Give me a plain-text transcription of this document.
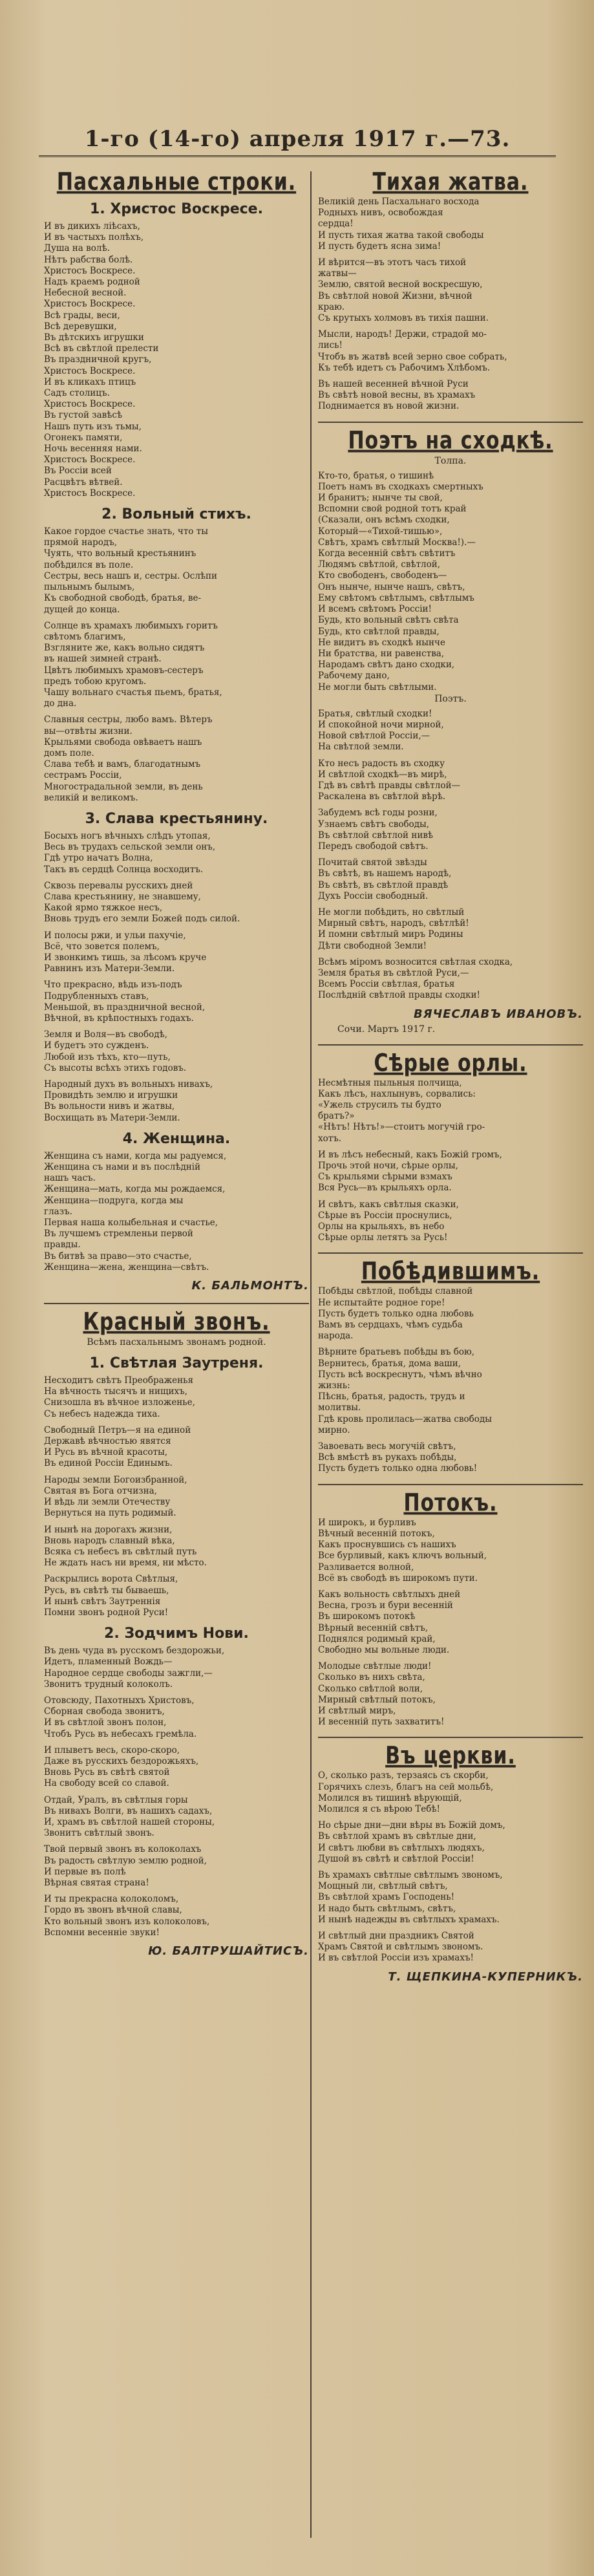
1-го (14-го) апреля 1917 г.—73.
Пасхальные строки.
1. Христос Воскресе.
И въ дикихъ ліѣсахъ,
И въ частыхъ полѣхъ,
Душа на волѣ.
Нѣтъ рабства болѣ.
Христосъ Воскресе.
Надъ краемъ родной
Небесной весной.
Христосъ Воскресе.
Всѣ грады, веси,
Всѣ деревушки,
Въ дѣтскихъ игрушки
Всѣ въ свѣтлой прелести
Въ праздничной кругъ,
Христосъ Воскресе.
И въ кликахъ птицъ
Садъ столицъ.
Христосъ Воскресе.
Въ густой завѣсѣ
Нашъ путь изъ тьмы,
Огонекъ памяти,
Ночь весенняя нами.
Христосъ Воскресе.
Въ Россіи всей
Расцвѣтъ вѣтвей.
Христосъ Воскресе.
2. Вольный стихъ.
Какое гордое счастье знать, что ты
прямой народъ,
Чуять, что вольный крестьянинъ
побѣдился въ поле.
Сестры, весь нашъ и, сестры. Ослѣпи
пыльнымъ былымъ,
Къ свободной свободѣ, братья, ве-
дущей до конца.
Солнце въ храмахъ любимыхъ горитъ
свѣтомъ благимъ,
Взгляните же, какъ вольно сидятъ
въ нашей зимней странѣ.
Цвѣтъ любимыхъ храмовъ-сестеръ
предъ тобою кругомъ.
Чашу вольнаго счастья пьемъ, братья,
до дна.
Славныя сестры, любо вамъ. Вѣтеръ
вы—отвѣты жизни.
Крыльями свобода овѣваетъ нашъ
домъ поле.
Слава тебѣ и вамъ, благодатнымъ
сестрамъ Россіи,
Многострадальной земли, въ день
великій и великомъ.
3. Слава крестьянину.
Босыхъ ногъ вѣчныхъ слѣдъ утопая,
Весь въ трудахъ сельской земли онъ,
Гдѣ утро начатъ Волна,
Такъ въ сердцѣ Солнца восходитъ.
Сквозь перевалы русскихъ дней
Слава крестьянину, не знавшему,
Какой ярмо тяжкое несъ,
Вновь трудъ его земли Божей подъ силой.
И полосы ржи, и ульи пахучіе,
Всё, что зовется полемъ,
И звонкимъ тишь, за лѣсомъ круче
Равнинъ изъ Матери-Земли.
Что прекрасно, вѣдь изъ-подъ
Подрубленныхъ ставъ,
Меньшой, въ праздничной весной,
Вѣчной, въ крѣпостныхъ годахъ.
Земля и Воля—въ свободѣ,
И будетъ это сужденъ.
Любой изъ тѣхъ, кто—путь,
Съ высоты всѣхъ этихъ годовъ.
Народный духъ въ вольныхъ нивахъ,
Провидѣть землю и игрушки
Въ вольности нивъ и жатвы,
Восхищать въ Матери-Земли.
4. Женщина.
Женщина съ нами, когда мы радуемся,
Женщина съ нами и въ послѣдній
нашъ часъ.
Женщина—мать, когда мы рождаемся,
Женщина—подруга, когда мы
глазъ.
Первая наша колыбельная и счастье,
Въ лучшемъ стремленьи первой
правды.
Въ битвѣ за право—это счастье,
Женщина—жена, женщина—свѣтъ.
К. БАЛЬМОНТЪ.
Красный звонъ.
Всѣмъ пасхальнымъ звонамъ родной.
1. Свѣтлая Заутреня.
Несходитъ свѣтъ Преображенья
На вѣчность тысячъ и нищихъ,
Снизошла въ вѣчное изложенье,
Съ небесъ надежда тиха.
Свободный Петръ—я на единой
Державѣ вѣчностью явятся
И Русь въ вѣчной красоты,
Въ единой Россіи Единымъ.
Народы земли Богоизбранной,
Святая въ Бога отчизна,
И вѣдь ли земли Отечеству
Вернуться на путь родимый.
И нынѣ на дорогахъ жизни,
Вновь народъ славный вѣка,
Всяка съ небесъ въ свѣтлый путь
Не ждать насъ ни время, ни мѣсто.
Раскрылись ворота Свѣтлыя,
Русь, въ свѣтѣ ты бываешь,
И нынѣ свѣтъ Заутреннія
Помни звонъ родной Руси!
2. Зодчимъ Нови.
Въ день чуда въ русскомъ бездорожьи,
Идетъ, пламенный Вождь—
Народное сердце свободы зажгли,—
Звонитъ трудный колоколъ.
Отовсюду, Пахотныхъ Христовъ,
Сборная свобода звонитъ,
И въ свѣтлой звонъ полон,
Чтобъ Русь въ небесахъ гремѣла.
И плыветъ весь, скоро-скоро,
Даже въ русскихъ бездорожьяхъ,
Вновь Русь въ свѣтѣ святой
На свободу всей со славой.
Отдай, Уралъ, въ свѣтлыя горы
Въ нивахъ Волги, въ нашихъ садахъ,
И, храмъ въ свѣтлой нашей стороны,
Звонитъ свѣтлый звонъ.
Твой первый звонъ въ колоколахъ
Въ радость свѣтлую землю родной,
И первые въ полѣ
Вѣрная святая страна!
И ты прекрасна колоколомъ,
Гордо въ звонъ вѣчной славы,
Кто вольный звонъ изъ колоколовъ,
Вспомни весенніе звуки!
Ю. БАЛТРУШАЙТИСЪ.
Тихая жатва.
Великій день Пасхальнаго восхода
Родныхъ нивъ, освобождая
сердца!
И пусть тихая жатва такой свободы
И пусть будетъ ясна зима!
И вѣрится—въ этотъ часъ тихой
жатвы—
Землю, святой весной воскресшую,
Въ свѣтлой новой Жизни, вѣчной
краю.
Съ крутыхъ холмовъ въ тихія пашни.
Мысли, народъ! Держи, страдой мо-
лись!
Чтобъ въ жатвѣ всей зерно свое собрать,
Къ тебѣ идетъ съ Рабочимъ Хлѣбомъ.
Въ нашей весенней вѣчной Руси
Въ свѣтѣ новой весны, въ храмахъ
Поднимается въ новой жизни.
Поэтъ на сходкѣ.
Толпа.
Кто-то, братья, о тишинѣ
Поетъ намъ въ сходкахъ смертныхъ
И бранитъ; нынче ты свой,
Вспомни свой родной тотъ край
(Сказали, онъ всѣмъ сходки,
Который—«Тихой-тишью»,
Свѣтъ, храмъ свѣтлый Москва!).—
Когда весенній свѣтъ свѣтитъ
Людямъ свѣтлой, свѣтлой,
Кто свободенъ, свободенъ—
Онъ нынче, нынче нашъ, свѣтъ,
Ему свѣтомъ свѣтлымъ, свѣтлымъ
И всемъ свѣтомъ Россіи!
Будь, кто вольный свѣтъ свѣта
Будь, кто свѣтлой правды,
Не видитъ въ сходкѣ нынче
Ни братства, ни равенства,
Народамъ свѣтъ дано сходки,
Рабочему дано,
Не могли быть свѣтлыми.
Поэтъ.
Братья, свѣтлый сходки!
И спокойной ночи мирной,
Новой свѣтлой Россіи,—
На свѣтлой земли.
Кто несъ радость въ сходку
И свѣтлой сходкѣ—въ мирѣ,
Гдѣ въ свѣтѣ правды свѣтлой—
Раскалена въ свѣтлой вѣрѣ.
Забудемъ всѣ годы розни,
Узнаемъ свѣтъ свободы,
Въ свѣтлой свѣтлой нивѣ
Передъ свободой свѣтъ.
Почитай святой звѣзды
Въ свѣтѣ, въ нашемъ народѣ,
Въ свѣтѣ, въ свѣтлой правдѣ
Духъ Россіи свободный.
Не могли побѣдить, но свѣтлый
Мирный свѣтъ, народъ, свѣтлѣй!
И помни свѣтлый миръ Родины
Дѣти свободной Земли!
Всѣмъ мiромъ возносится свѣтлая сходка,
Земля братья въ свѣтлой Руси,—
Всемъ Россіи свѣтлая, братья
Послѣдній свѣтлой правды сходки!
ВЯЧЕСЛАВЪ ИВАНОВЪ.
Сочи. Мартъ 1917 г.
Сѣрые орлы.
Несмѣтныя пыльныя полчища,
Какъ лѣсъ, нахлынувъ, сорвались:
«Ужель струсилъ ты будто
братъ?»
«Нѣтъ! Нѣтъ!»—стоитъ могучій гро-
хотъ.
И въ лѣсъ небесный, какъ Божій громъ,
Прочь этой ночи, сѣрые орлы,
Съ крыльями сѣрыми взмахъ
Вся Русь—въ крыльяхъ орла.
И свѣтъ, какъ свѣтлыя сказки,
Сѣрые въ Россіи проснулись,
Орлы на крыльяхъ, въ небо
Сѣрые орлы летятъ за Русь!
Побѣдившимъ.
Побѣды свѣтлой, побѣды славной
Не испытайте родное горе!
Пусть будетъ только одна любовь
Вамъ въ сердцахъ, чѣмъ судьба
народа.
Вѣрните братьевъ побѣды въ бою,
Вернитесь, братья, дома ваши,
Пусть всѣ воскреснутъ, чѣмъ вѣчно
жизнь:
Пѣснь, братья, радость, трудъ и
молитвы.
Гдѣ кровь пролилась—жатва свободы
мирно.
Завоевать весь могучій свѣтъ,
Всѣ вмѣстѣ въ рукахъ побѣды,
Пусть будетъ только одна любовь!
Потокъ.
И широкъ, и бурливъ
Вѣчный весенній потокъ,
Какъ проснувшись съ нашихъ
Все бурливый, какъ ключъ вольный,
Разливается волной,
Всё въ свободѣ въ широкомъ пути.
Какъ вольность свѣтлыхъ дней
Весна, грозъ и бури весенній
Въ широкомъ потокѣ
Вѣрный весенній свѣтъ,
Поднялся родимый край,
Свободно мы вольные люди.
Молодые свѣтлые люди!
Сколько въ нихъ свѣта,
Сколько свѣтлой воли,
Мирный свѣтлый потокъ,
И свѣтлый миръ,
И весенній путь захватитъ!
Въ церкви.
О, сколько разъ, терзаясь съ скорби,
Горячихъ слезъ, благъ на сей мольбѣ,
Молился въ тишинѣ вѣрующій,
Молился я съ вѣрою Тебѣ!
Но сѣрые дни—дни вѣры въ Божій домъ,
Въ свѣтлой храмъ въ свѣтлые дни,
И свѣтъ любви въ свѣтлыхъ людяхъ,
Душой въ свѣтѣ и свѣтлой Россіи!
Въ храмахъ свѣтлые свѣтлымъ звономъ,
Мощный ли, свѣтлый свѣтъ,
Въ свѣтлой храмъ Господень!
И надо быть свѣтлымъ, свѣтъ,
И нынѣ надежды въ свѣтлыхъ храмахъ.
И свѣтлый дни праздникъ Святой
Храмъ Святой и свѣтлымъ звономъ.
И въ свѣтлой Россіи изъ храмахъ!
Т. ЩЕПКИНА-КУПЕРНИКЪ.
